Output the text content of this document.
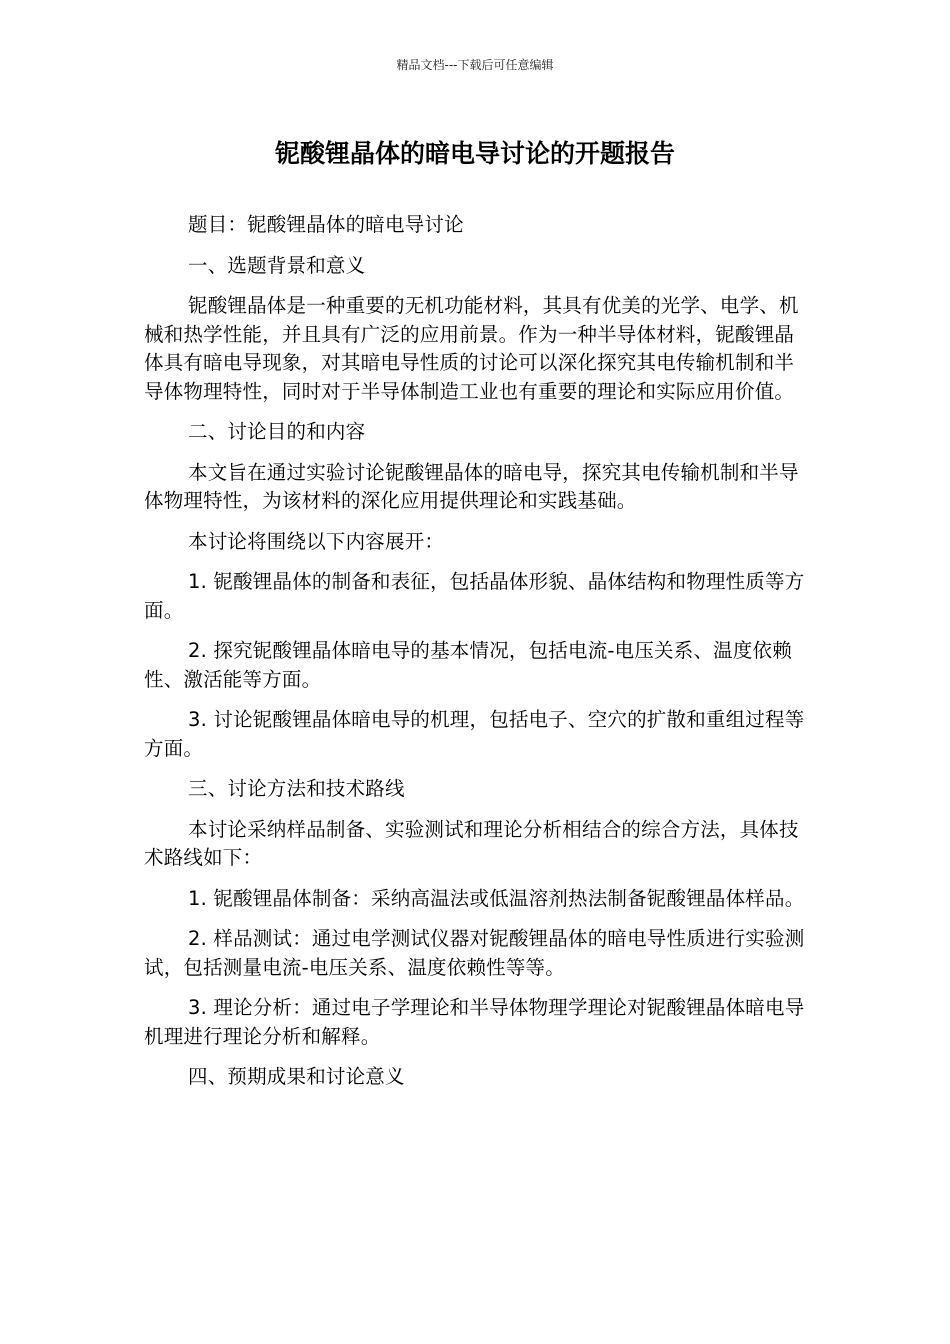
精品文档---下载后可任意编辑
铌酸锂晶体的暗电导讨论的开题报告

题目：铌酸锂晶体的暗电导讨论

一、选题背景和意义

铌酸锂晶体是一种重要的无机功能材料，其具有优美的光学、电学、机械和热学性能，并且具有广泛的应用前景。作为一种半导体材料，铌酸锂晶体具有暗电导现象，对其暗电导性质的讨论可以深化探究其电传输机制和半导体物理特性，同时对于半导体制造工业也有重要的理论和实际应用价值。

二、讨论目的和内容

本文旨在通过实验讨论铌酸锂晶体的暗电导，探究其电传输机制和半导体物理特性，为该材料的深化应用提供理论和实践基础。

本讨论将围绕以下内容展开：

1. 铌酸锂晶体的制备和表征，包括晶体形貌、晶体结构和物理性质等方面。

2. 探究铌酸锂晶体暗电导的基本情况，包括电流-电压关系、温度依赖性、激活能等方面。

3. 讨论铌酸锂晶体暗电导的机理，包括电子、空穴的扩散和重组过程等方面。

三、讨论方法和技术路线

本讨论采纳样品制备、实验测试和理论分析相结合的综合方法，具体技术路线如下：

1. 铌酸锂晶体制备：采纳高温法或低温溶剂热法制备铌酸锂晶体样品。

2. 样品测试：通过电学测试仪器对铌酸锂晶体的暗电导性质进行实验测试，包括测量电流-电压关系、温度依赖性等等。

3. 理论分析：通过电子学理论和半导体物理学理论对铌酸锂晶体暗电导机理进行理论分析和解释。

四、预期成果和讨论意义
